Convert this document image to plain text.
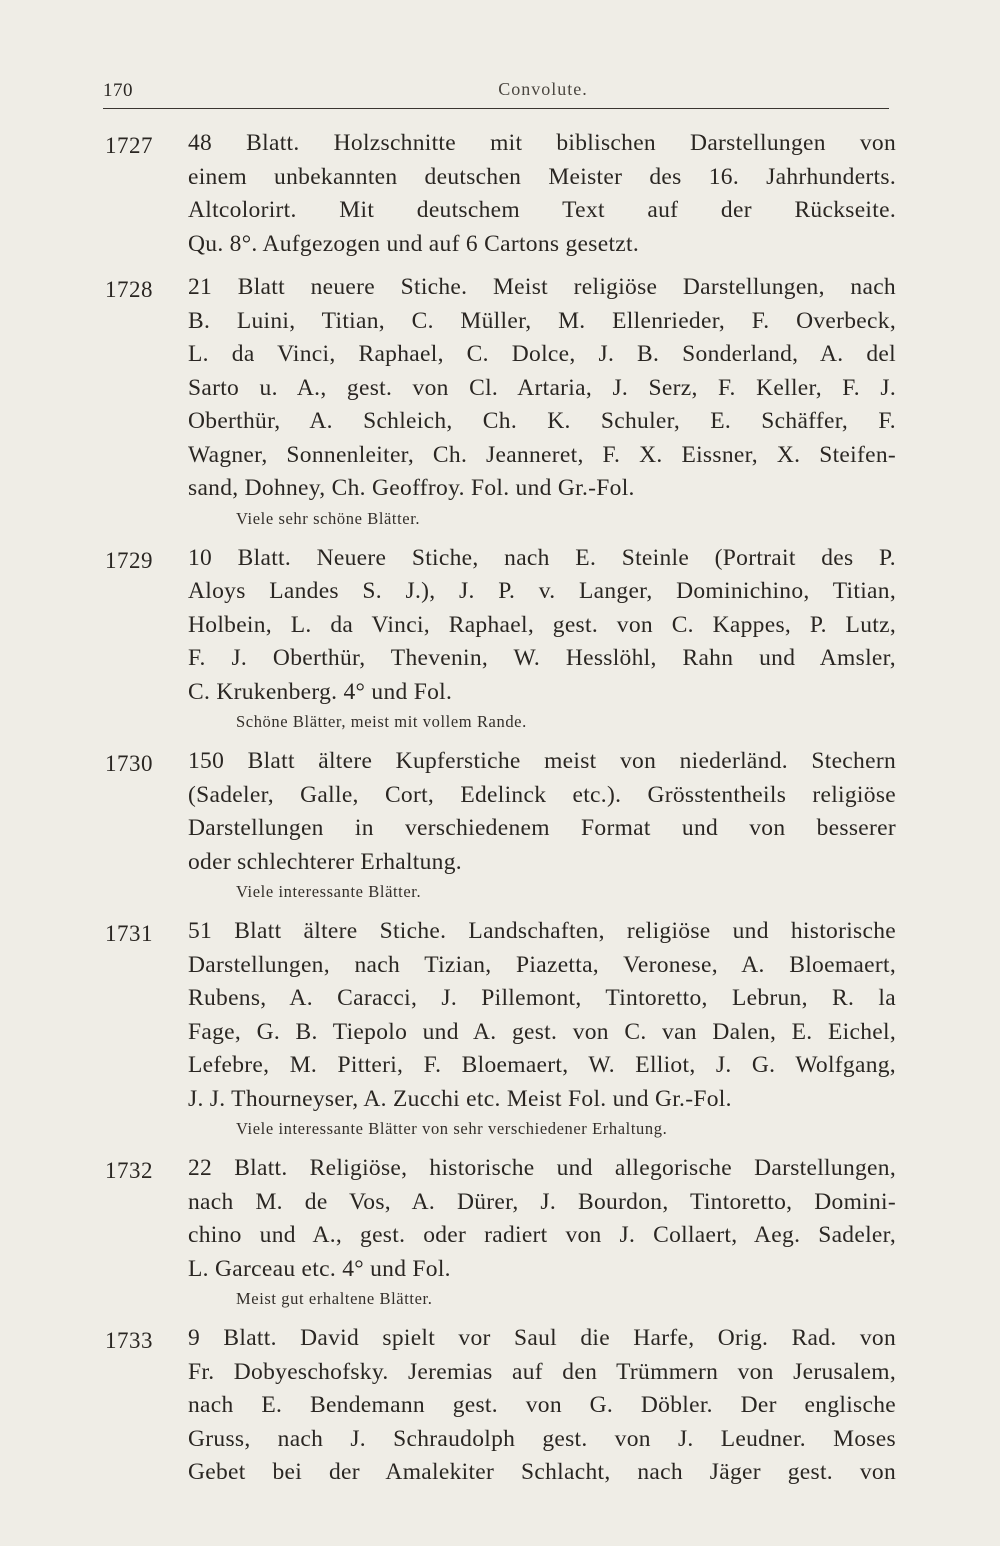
170	Convolute.
1727 48 Blatt. Holzschnitte mit biblischen Darstellungen von
einem unbekannten deutschen Meister des 16. Jahrhunderts.
Altcolorirt. Mit deutschem Text auf der Rückseite.
Qu. 8°. Aufgezogen und auf 6 Cartons gesetzt.
1728 21 Blatt neuere Stiche. Meist religiöse Darstellungen, nach
B. Luini, Titian, C. Müller, M. Ellenrieder, F. Overbeck,
L. da Vinci, Raphael, C. Dolce, J. B. Sonderland, A. del
Sarto u. A., gest. von Cl. Artaria, J. Serz, F. Keller, F. J.
Oberthür, A. Schleich, Ch. K. Schuler, E. Schäffer, F.
Wagner, Sonnenleiter, Ch. Jeanneret, F. X. Eissner, X. Steifen-
sand, Dohney, Ch. Geoffroy. Fol. und Gr.-Fol.
Viele sehr schöne Blätter.
1729 10 Blatt. Neuere Stiche, nach E. Steinle (Portrait des P.
Aloys Landes S. J.), J. P. v. Langer, Dominichino, Titian,
Holbein, L. da Vinci, Raphael, gest. von C. Kappes, P. Lutz,
F. J. Oberthür, Thevenin, W. Hesslöhl, Rahn und Amsler,
C. Krukenberg. 4° und Fol.
Schöne Blätter, meist mit vollem Rande.
1730 150 Blatt ältere Kupferstiche meist von niederländ. Stechern
(Sadeler, Galle, Cort, Edelinck etc.). Grösstentheils religiöse
Darstellungen in verschiedenem Format und von besserer
oder schlechterer Erhaltung.
Viele interessante Blätter.
1731 51 Blatt ältere Stiche. Landschaften, religiöse und historische
Darstellungen, nach Tizian, Piazetta, Veronese, A. Bloemaert,
Rubens, A. Caracci, J. Pillemont, Tintoretto, Lebrun, R. la
Fage, G. B. Tiepolo und A. gest. von C. van Dalen, E. Eichel,
Lefebre, M. Pitteri, F. Bloemaert, W. Elliot, J. G. Wolfgang,
J. J. Thourneyser, A. Zucchi etc. Meist Fol. und Gr.-Fol.
Viele interessante Blätter von sehr verschiedener Erhaltung.
1732 22 Blatt. Religiöse, historische und allegorische Darstellungen,
nach M. de Vos, A. Dürer, J. Bourdon, Tintoretto, Domini-
chino und A., gest. oder radiert von J. Collaert, Aeg. Sadeler,
L. Garceau etc. 4° und Fol.
Meist gut erhaltene Blätter.
1733 9 Blatt. David spielt vor Saul die Harfe, Orig. Rad. von
Fr. Dobyeschofsky. Jeremias auf den Trümmern von Jerusalem,
nach E. Bendemann gest. von G. Döbler. Der englische
Gruss, nach J. Schraudolph gest. von J. Leudner. Moses
Gebet bei der Amalekiter Schlacht, nach Jäger gest. von
